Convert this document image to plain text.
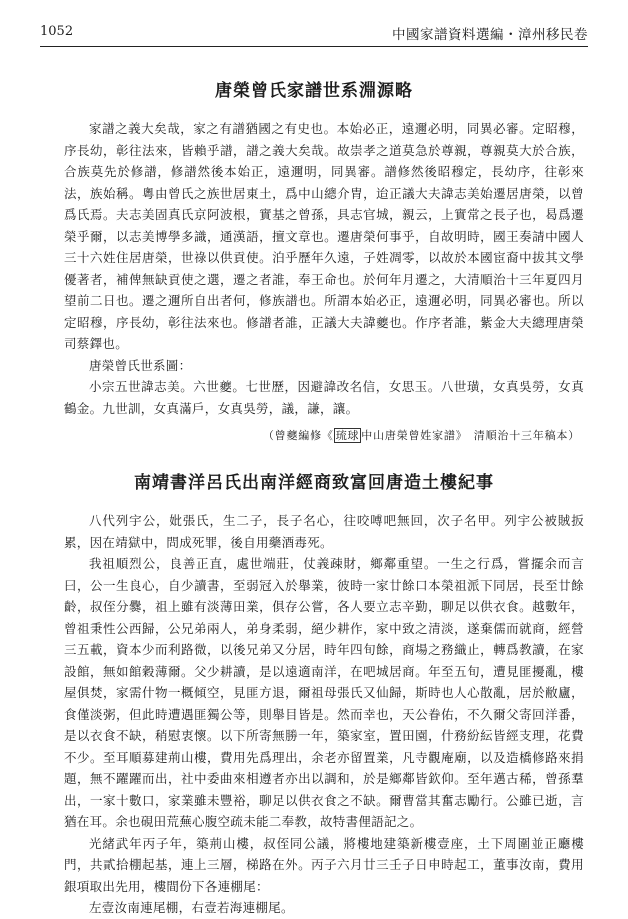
1052	中國家譜資料選編・漳州移民卷
唐榮曾氏家譜世系淵源略

家譜之義大矣哉，家之有譜猶國之有史也。本始必正，遠邇必明，同異必審。定昭穆，序長幼，彰往法來，皆賴乎譜，譜之義大矣哉。故崇孝之道莫急於尊親，尊親莫大於合族，合族莫先於修譜，修譜然後本始正，遠邇明，同異審。譜修然後昭穆定，長幼序，往彰來法，族始稱。粵由曾氏之族世居東土，爲中山總介胄，迨正議大夫諱志美始遷居唐榮，以曾爲氏焉。夫志美固真氏京阿波根，實基之曾孫，具志官城，親云，上實常之長子也，曷爲遷榮乎爾，以志美博學多識，通漢語，擅文章也。遷唐榮何事乎，自故明時，國王奏請中國人三十六姓住居唐榮，世祿以供貢使。泊乎歷年久遠，子姓凋零，以故於本國宦裔中拔其文學優著者，補俾無缺貢使之選，遷之者誰，奉王命也。於何年月遷之，大清順治十三年夏四月望前二日也。遷之邇所自出者何，修族譜也。所謂本始必正，遠邇必明，同異必審也。所以定昭穆，序長幼，彰往法來也。修譜者誰，正議大夫諱夔也。作序者誰，紫金大夫總理唐榮司蔡鐸也。

唐榮曾氏世系圖：

小宗五世諱志美。六世夔。七世歷，因避諱改名信，女思玉。八世璜，女真吳勞，女真鶴金。九世訓，女真滿戶，女真吳勞，議，謙，讓。

（曾夔編修《 琉球 中山唐榮曾姓家譜》　清順治十三年稿本）
南靖書洋呂氏出南洋經商致富回唐造土樓紀事

八代列宇公，妣張氏，生二子，長子名心，往咬㗘吧無回，次子名甲。列宇公被賊扳累，因在靖獄中，問成死罪，後自用藥酒毒死。

我祖順烈公，良善正直，處世端莊，仗義疎財，鄉鄰重望。一生之行爲，嘗擺余而言曰，公一生良心，自少讀書，至弱冠入於舉業，彼時一家廿餘口本榮祖派下同居，長至廿餘齡，叔侄分爨，祖上雖有淡薄田業，俱存公嘗，各人要立志辛勤，聊足以供衣食。越數年，曾祖秉性公西歸，公兄弟兩人，弟身柔弱，絕少耕作，家中致之清淡，遂棄儒而就商，經營三五載，資本少而利路微，以後兄弟又分居，時年四旬餘，商場之務織止，轉爲教讀，在家設館，無如館穀薄爾。父少耕讀，是以遠適南洋，在吧城居商。年至五旬，遭見匪擾亂，樓屋俱焚，家需什物一概傾空，見匪方退，爾祖母張氏又仙歸，斯時也人心散亂，居於敝廬，食僅淡粥，但此時遭遇匪獨公等，則舉目皆是。然而幸也，天公眷佑，不久爾父寄回洋番，是以衣食不缺，稍慰衷懷。以下所寄無勝一年，築家室，置田園，什務紛紜皆經支理，花費不少。至耳順募建荊山樓，費用先爲理出，余老亦留置業，凡寺觀庵廟，以及造橋修路來捐題，無不躍躍而出，社中委曲來相遵者亦出以調和，於是鄉鄰皆欽仰。至年邁古稀，曾孫羣出，一家十數口，家業雖未豐裕，聊足以供衣食之不缺。爾曹當其奮志勵行。公雖已逝，言猶在耳。余也硯田荒蕪心腹空疏未能二奉教，故特書俚語記之。

光緒武年丙子年，築荊山樓，叔侄同公議，將樓地建築新樓壹座，土下周圍並正廳樓門，共貳拾棚起基，連上三層，梯路在外。丙子六月廿三壬子日申時起工，董事汝南，費用銀項取出先用，樓間份下各連棚尾：

左壹汝南連尾棚，右壹若海連棚尾。
